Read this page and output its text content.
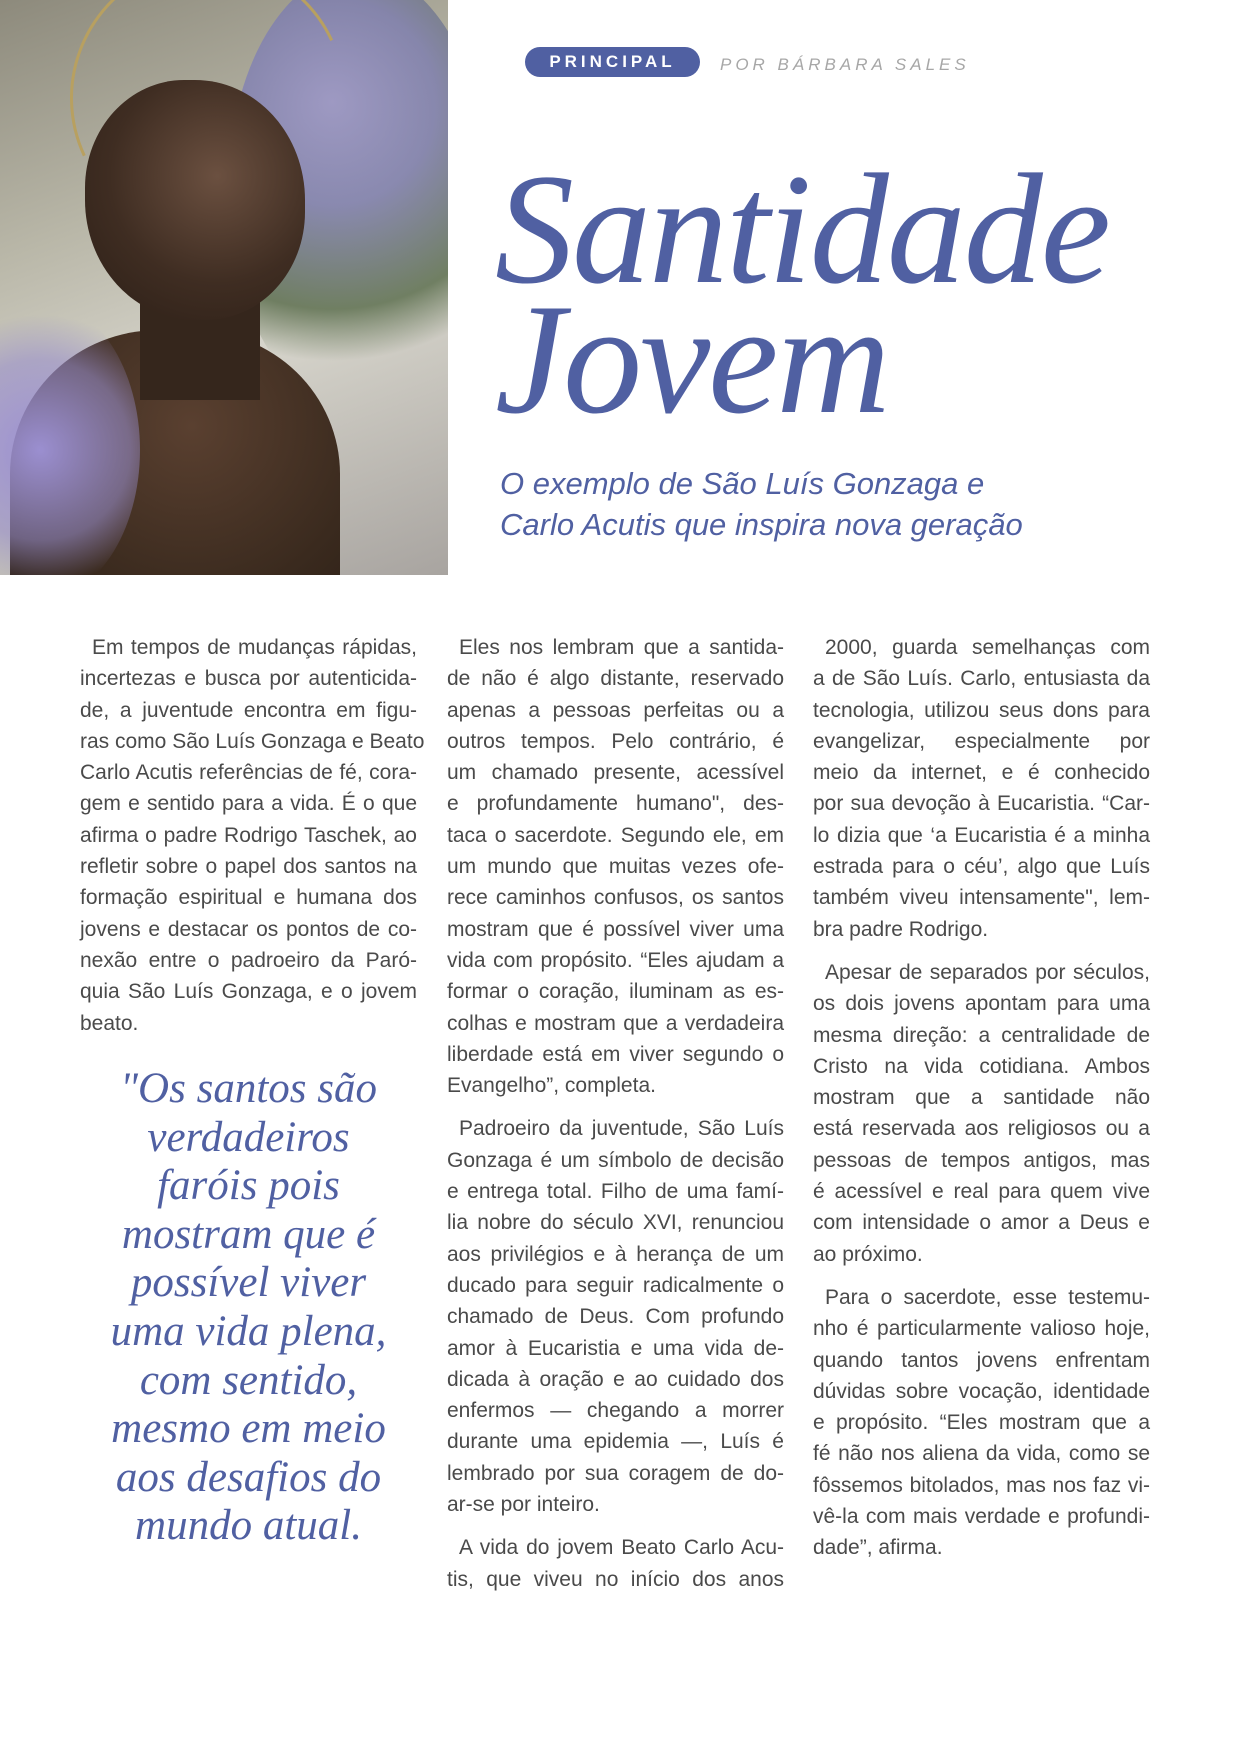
PRINCIPAL	POR BÁRBARA SALES
Santidade
Jovem
O exemplo de São Luís Gonzaga e
Carlo Acutis que inspira nova geração
Em tempos de mudanças rápidas,
incertezas e busca por autenticida-
de, a juventude encontra em figu-
ras como São Luís Gonzaga e Beato
Carlo Acutis referências de fé, cora-
gem e sentido para a vida. É o que
afirma o padre Rodrigo Taschek, ao
refletir sobre o papel dos santos na
formação espiritual e humana dos
jovens e destacar os pontos de co-
nexão entre o padroeiro da Paró-
quia São Luís Gonzaga, e o jovem
beato.
Eles nos lembram que a santida-
de não é algo distante, reservado
apenas a pessoas perfeitas ou a
outros tempos. Pelo contrário, é
um chamado presente, acessível
e profundamente humano", des-
taca o sacerdote. Segundo ele, em
um mundo que muitas vezes ofe-
rece caminhos confusos, os santos
mostram que é possível viver uma
vida com propósito. “Eles ajudam a
formar o coração, iluminam as es-
colhas e mostram que a verdadeira
liberdade está em viver segundo o
Evangelho”, completa.
Padroeiro da juventude, São Luís
Gonzaga é um símbolo de decisão
e entrega total. Filho de uma famí-
lia nobre do século XVI, renunciou
aos privilégios e à herança de um
ducado para seguir radicalmente o
chamado de Deus. Com profundo
amor à Eucaristia e uma vida de-
dicada à oração e ao cuidado dos
enfermos — chegando a morrer
durante uma epidemia —, Luís é
lembrado por sua coragem de do-
ar-se por inteiro.
A vida do jovem Beato Carlo Acu-
tis, que viveu no início dos anos
2000, guarda semelhanças com
a de São Luís. Carlo, entusiasta da
tecnologia, utilizou seus dons para
evangelizar, especialmente por
meio da internet, e é conhecido
por sua devoção à Eucaristia. “Car-
lo dizia que ‘a Eucaristia é a minha
estrada para o céu’, algo que Luís
também viveu intensamente", lem-
bra padre Rodrigo.
Apesar de separados por séculos,
os dois jovens apontam para uma
mesma direção: a centralidade de
Cristo na vida cotidiana. Ambos
mostram que a santidade não
está reservada aos religiosos ou a
pessoas de tempos antigos, mas
é acessível e real para quem vive
com intensidade o amor a Deus e
ao próximo.
Para o sacerdote, esse testemu-
nho é particularmente valioso hoje,
quando tantos jovens enfrentam
dúvidas sobre vocação, identidade
e propósito. “Eles mostram que a
fé não nos aliena da vida, como se
fôssemos bitolados, mas nos faz vi-
vê-la com mais verdade e profundi-
dade”, afirma.
"Os santos são
verdadeiros
faróis pois
mostram que é
possível viver
uma vida plena,
com sentido,
mesmo em meio
aos desafios do
mundo atual.
